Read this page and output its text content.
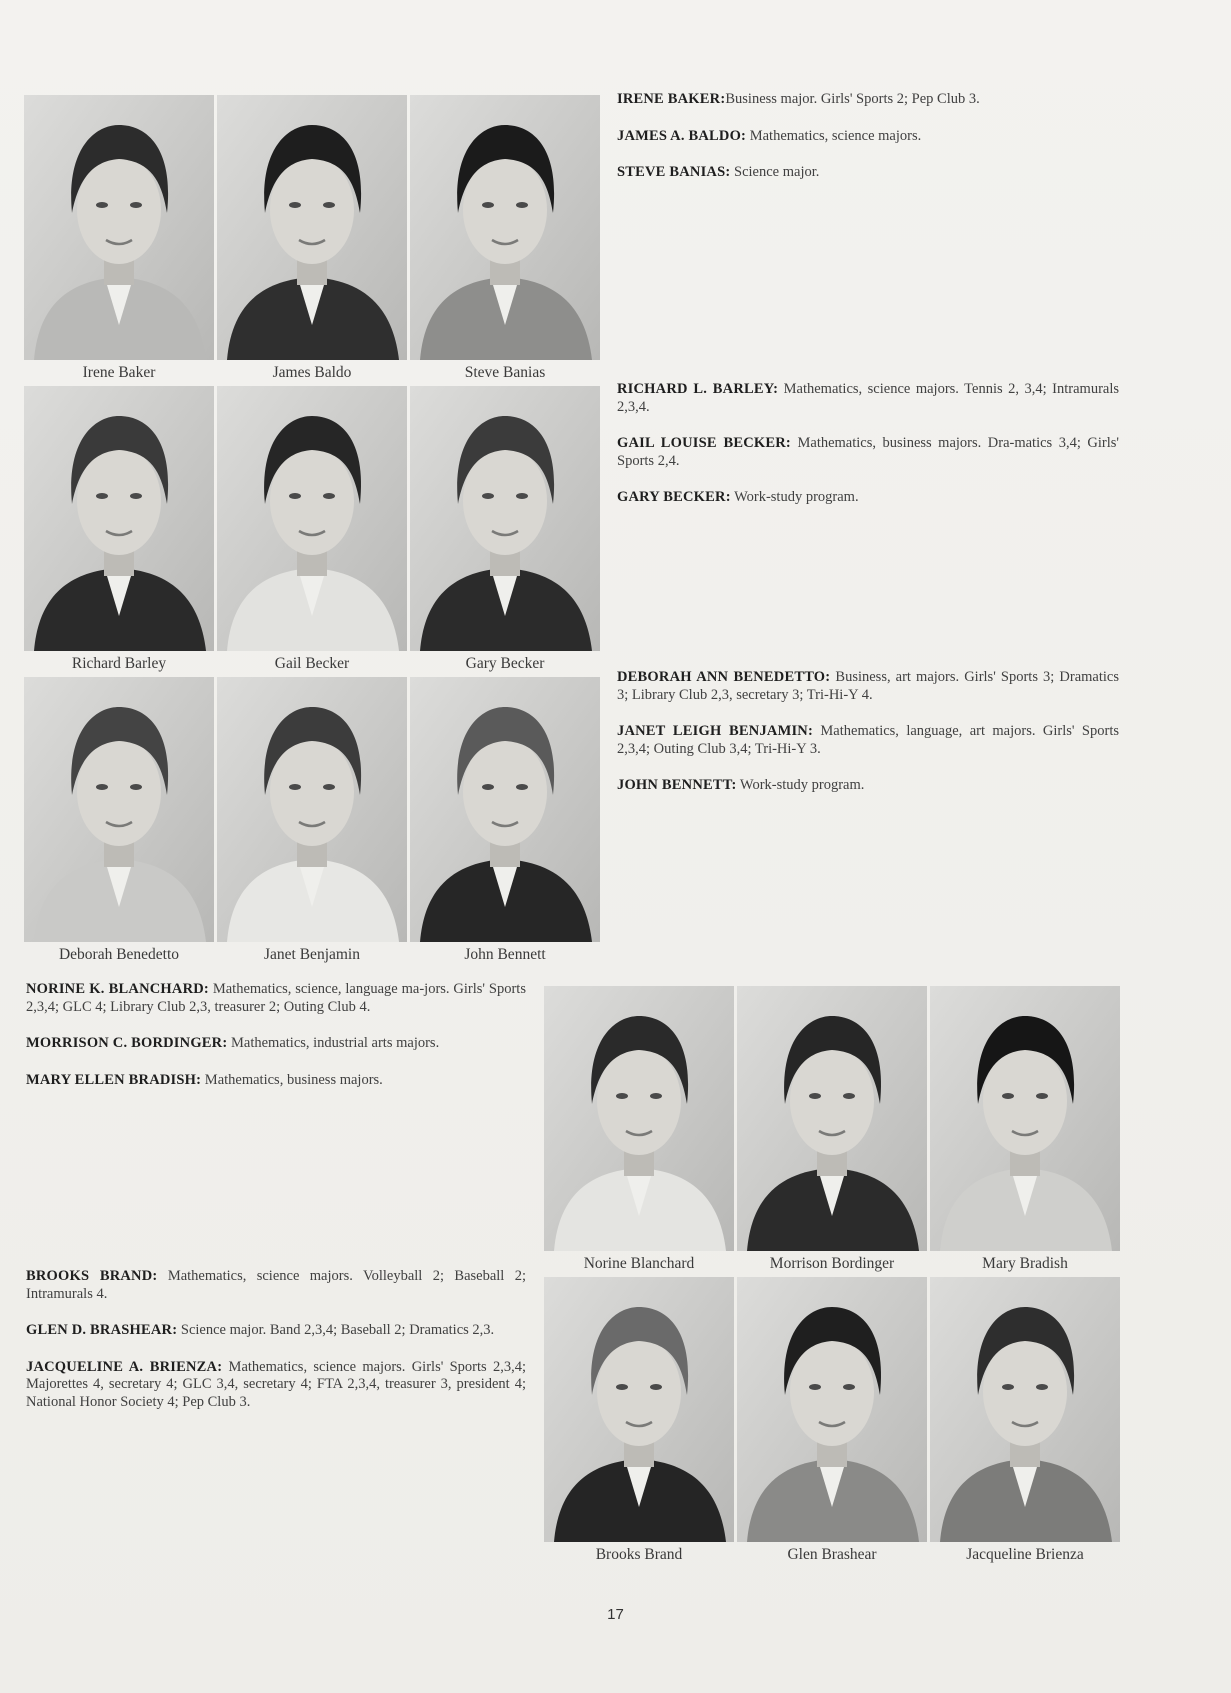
Irene Baker	James Baldo	Steve Banias
Richard Barley	Gail Becker	Gary Becker
Deborah Benedetto	Janet Benjamin	John Bennett

IRENE BAKER:Business major. Girls' Sports 2; Pep Club 3.

JAMES A. BALDO: Mathematics, science majors.

STEVE BANIAS: Science major.

RICHARD L. BARLEY: Mathematics, science majors. Tennis 2, 3,4; Intramurals 2,3,4.

GAIL LOUISE BECKER: Mathematics, business majors. Dra-matics 3,4; Girls' Sports 2,4.

GARY BECKER: Work-study program.

DEBORAH ANN BENEDETTO: Business, art majors. Girls' Sports 3; Dramatics 3; Library Club 2,3, secretary 3; Tri-Hi-Y 4.

JANET LEIGH BENJAMIN: Mathematics, language, art majors. Girls' Sports 2,3,4; Outing Club 3,4; Tri-Hi-Y 3.

JOHN BENNETT: Work-study program.

NORINE K. BLANCHARD: Mathematics, science, language ma-jors. Girls' Sports 2,3,4; GLC 4; Library Club 2,3, treasurer 2; Outing Club 4.

MORRISON C. BORDINGER: Mathematics, industrial arts majors.

MARY ELLEN BRADISH: Mathematics, business majors.

BROOKS BRAND: Mathematics, science majors. Volleyball 2; Baseball 2; Intramurals 4.

GLEN D. BRASHEAR: Science major. Band 2,3,4; Baseball 2; Dramatics 2,3.

JACQUELINE A. BRIENZA: Mathematics, science majors. Girls' Sports 2,3,4; Majorettes 4, secretary 4; GLC 3,4, secretary 4; FTA 2,3,4, treasurer 3, president 4; National Honor Society 4; Pep Club 3.

Norine Blanchard	Morrison Bordinger	Mary Bradish
Brooks Brand	Glen Brashear	Jacqueline Brienza
17
